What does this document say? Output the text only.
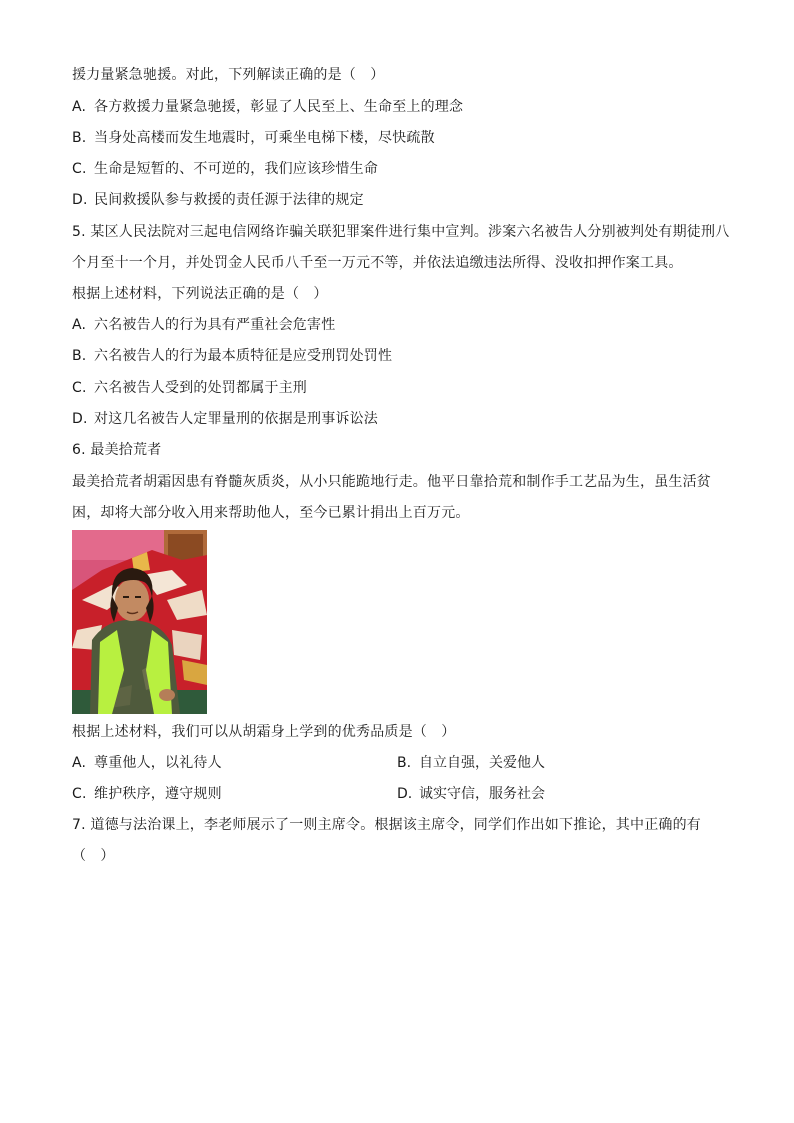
援力量紧急驰援。对此，下列解读正确的是（　）
A. 各方救援力量紧急驰援，彰显了人民至上、生命至上的理念
B. 当身处高楼而发生地震时，可乘坐电梯下楼，尽快疏散
C. 生命是短暂的、不可逆的，我们应该珍惜生命
D. 民间救援队参与救援的责任源于法律的规定
5. 某区人民法院对三起电信网络诈骗关联犯罪案件进行集中宣判。涉案六名被告人分别被判处有期徒刑八
个月至十一个月，并处罚金人民币八千至一万元不等，并依法追缴违法所得、没收扣押作案工具。
根据上述材料，下列说法正确的是（　）
A. 六名被告人的行为具有严重社会危害性
B. 六名被告人的行为最本质特征是应受刑罚处罚性
C. 六名被告人受到的处罚都属于主刑
D. 对这几名被告人定罪量刑的依据是刑事诉讼法
6. 最美拾荒者
最美拾荒者胡霜因患有脊髓灰质炎，从小只能跪地行走。他平日靠拾荒和制作手工艺品为生，虽生活贫
困，却将大部分收入用来帮助他人，至今已累计捐出上百万元。
根据上述材料，我们可以从胡霜身上学到的优秀品质是（　）
A. 尊重他人，以礼待人	B. 自立自强，关爱他人
C. 维护秩序，遵守规则	D. 诚实守信，服务社会
7. 道德与法治课上，李老师展示了一则主席令。根据该主席令，同学们作出如下推论，其中正确的有
（　）
